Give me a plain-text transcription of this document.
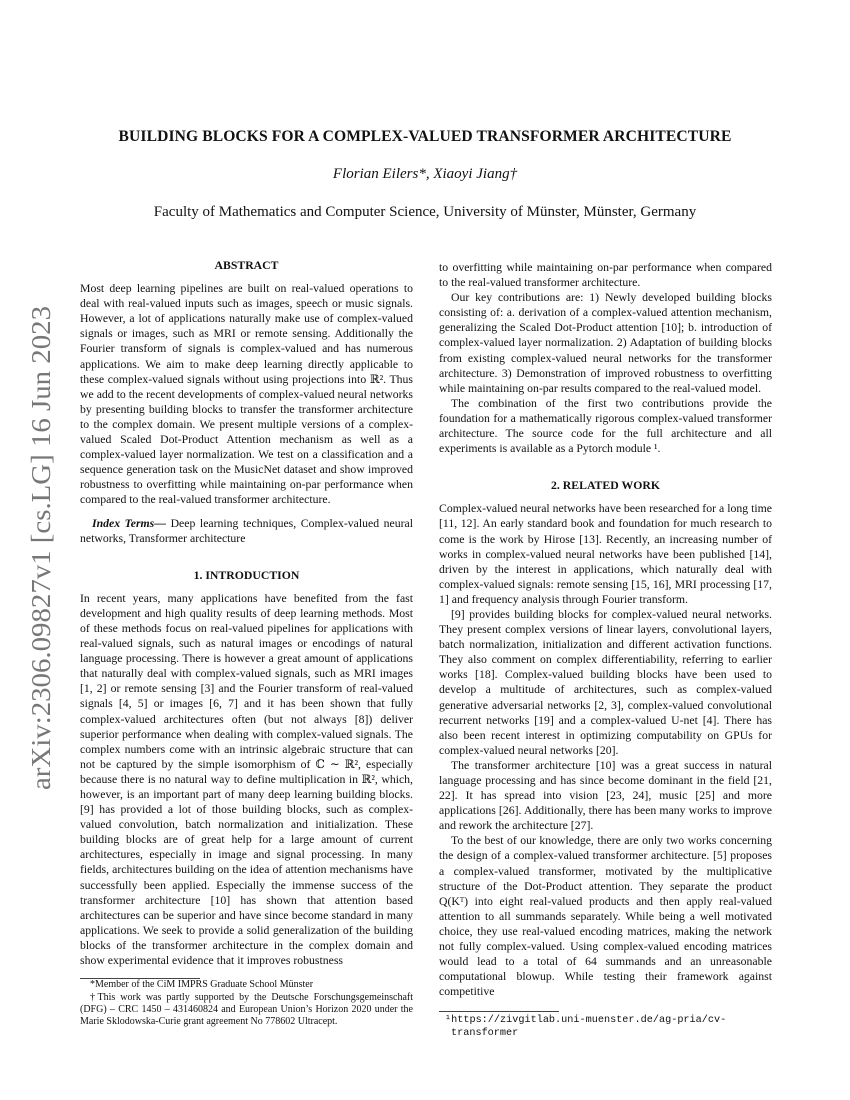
arXiv:2306.09827v1 [cs.LG] 16 Jun 2023
BUILDING BLOCKS FOR A COMPLEX-VALUED TRANSFORMER ARCHITECTURE
Florian Eilers*, Xiaoyi Jiang†
Faculty of Mathematics and Computer Science, University of Münster, Münster, Germany
ABSTRACT

Most deep learning pipelines are built on real-valued operations to deal with real-valued inputs such as images, speech or music signals. However, a lot of applications naturally make use of complex-valued signals or images, such as MRI or remote sensing. Additionally the Fourier transform of signals is complex-valued and has numerous applications. We aim to make deep learning directly applicable to these complex-valued signals without using projections into ℝ². Thus we add to the recent developments of complex-valued neural networks by presenting building blocks to transfer the transformer architecture to the complex domain. We present multiple versions of a complex-valued Scaled Dot-Product Attention mechanism as well as a complex-valued layer normalization. We test on a classification and a sequence generation task on the MusicNet dataset and show improved robustness to overfitting while maintaining on-par performance when compared to the real-valued transformer architecture.

Index Terms— Deep learning techniques, Complex-valued neural networks, Transformer architecture

1. INTRODUCTION

In recent years, many applications have benefited from the fast development and high quality results of deep learning methods. Most of these methods focus on real-valued pipelines for applications with real-valued signals, such as natural images or encodings of natural language processing. There is however a great amount of applications that naturally deal with complex-valued signals, such as MRI images [1, 2] or remote sensing [3] and the Fourier transform of real-valued signals [4, 5] or images [6, 7] and it has been shown that fully complex-valued architectures often (but not always [8]) deliver superior performance when dealing with complex-valued signals. The complex numbers come with an intrinsic algebraic structure that can not be captured by the simple isomorphism of ℂ ∼ ℝ², especially because there is no natural way to define multiplication in ℝ², which, however, is an important part of many deep learning building blocks. [9] has provided a lot of those building blocks, such as complex-valued convolution, batch normalization and initialization. These building blocks are of great help for a large amount of current architectures, especially in image and signal processing. In many fields, architectures building on the idea of attention mechanisms have successfully been applied. Especially the immense success of the transformer architecture [10] has shown that attention based architectures can be superior and have since become standard in many applications. We seek to provide a solid generalization of the building blocks of the transformer architecture in the complex domain and show experimental evidence that it improves robustness

*Member of the CiM IMPRS Graduate School Münster

†This work was partly supported by the Deutsche Forschungsgemeinschaft (DFG) – CRC 1450 – 431460824 and European Union’s Horizon 2020 under the Marie Sklodowska-Curie grant agreement No 778602 Ultracept.

to overfitting while maintaining on-par performance when compared to the real-valued transformer architecture.

Our key contributions are: 1) Newly developed building blocks consisting of: a. derivation of a complex-valued attention mechanism, generalizing the Scaled Dot-Product attention [10]; b. introduction of complex-valued layer normalization. 2) Adaptation of building blocks from existing complex-valued neural networks for the transformer architecture. 3) Demonstration of improved robustness to overfitting while maintaining on-par results compared to the real-valued model.

The combination of the first two contributions provide the foundation for a mathematically rigorous complex-valued transformer architecture. The source code for the full architecture and all experiments is available as a Pytorch module ¹.

2. RELATED WORK

Complex-valued neural networks have been researched for a long time [11, 12]. An early standard book and foundation for much research to come is the work by Hirose [13]. Recently, an increasing number of works in complex-valued neural networks have been published [14], driven by the interest in applications, which naturally deal with complex-valued signals: remote sensing [15, 16], MRI processing [17, 1] and frequency analysis through Fourier transform.

[9] provides building blocks for complex-valued neural networks. They present complex versions of linear layers, convolutional layers, batch normalization, initialization and different activation functions. They also comment on complex differentiability, referring to earlier works [18]. Complex-valued building blocks have been used to develop a multitude of architectures, such as complex-valued generative adversarial networks [2, 3], complex-valued convolutional recurrent networks [19] and a complex-valued U-net [4]. There has also been recent interest in optimizing computability on GPUs for complex-valued neural networks [20].

The transformer architecture [10] was a great success in natural language processing and has since become dominant in the field [21, 22]. It has spread into vision [23, 24], music [25] and more applications [26]. Additionally, there has been many works to improve and rework the architecture [27].

To the best of our knowledge, there are only two works concerning the design of a complex-valued transformer architecture. [5] proposes a complex-valued transformer, motivated by the multiplicative structure of the Dot-Product attention. They separate the product Q(Kᵀ) into eight real-valued products and then apply real-valued attention to all summands separately. While being a well motivated choice, they use real-valued encoding matrices, making the network not fully complex-valued. Using complex-valued encoding matrices would lead to a total of 64 summands and an unreasonable computational blowup. While testing their framework against competitive

¹https://zivgitlab.uni-muenster.de/ag-pria/cv-transformer
